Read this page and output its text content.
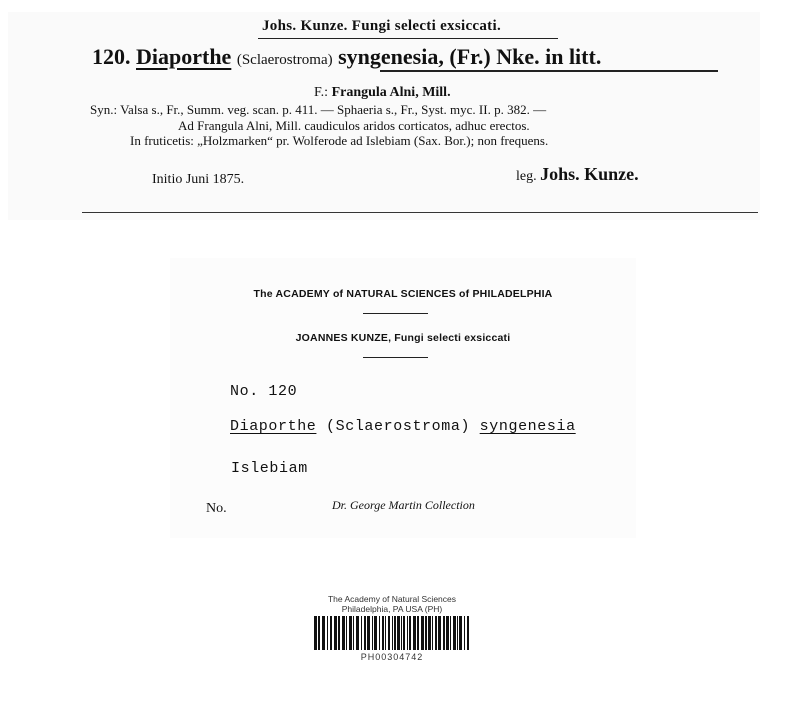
Johs. Kunze. Fungi selecti exsiccati.
120. Diaporthe (Sclaerostroma) syngenesia, (Fr.) Nke. in litt.
F.: Frangula Alni, Mill.
Syn.: Valsa s., Fr., Summ. veg. scan. p. 411. — Sphaeria s., Fr., Syst. myc. II. p. 382. —
Ad Frangula Alni, Mill. caudiculos aridos corticatos, adhuc erectos.
In fruticetis: „Holzmarken“ pr. Wolferode ad Islebiam (Sax. Bor.); non frequens.
Initio Juni 1875.	leg. Johs. Kunze.
The ACADEMY of NATURAL SCIENCES of PHILADELPHIA
JOANNES KUNZE, Fungi selecti exsiccati
No. 120
Diaporthe (Sclaerostroma) syngenesia
Islebiam
No.	Dr. George Martin Collection
The Academy of Natural Sciences
Philadelphia, PA USA (PH)
PH00304742
